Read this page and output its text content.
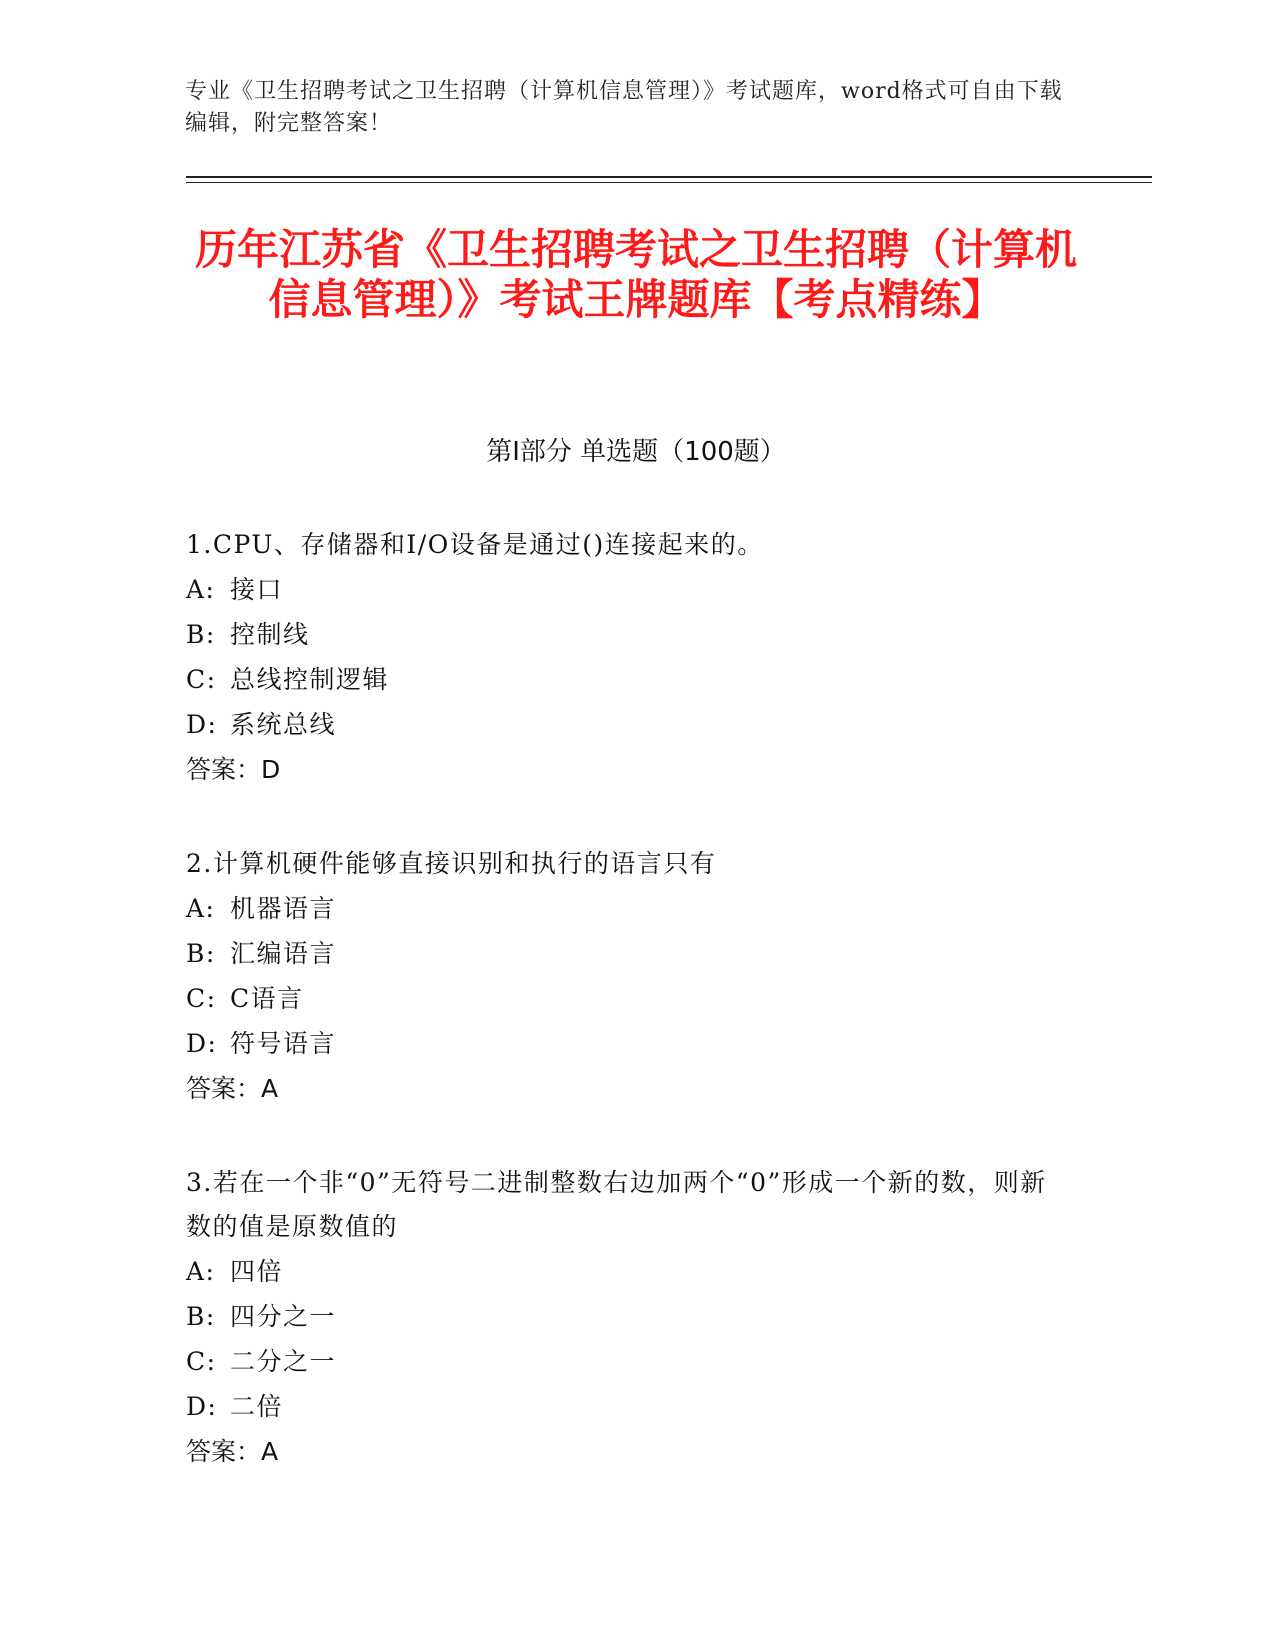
专业《卫生招聘考试之卫生招聘（计算机信息管理）》考试题库，word格式可自由下载编辑，附完整答案！
历年江苏省《卫生招聘考试之卫生招聘（计算机信息管理）》考试王牌题库【考点精练】
第Ⅰ部分 单选题（100题）

1.CPU、存储器和I/O设备是通过()连接起来的。

A: 接口

B: 控制线

C: 总线控制逻辑

D: 系统总线

答案：D

2.计算机硬件能够直接识别和执行的语言只有

A: 机器语言

B: 汇编语言

C: C语言

D: 符号语言

答案：A

3.若在一个非“0”无符号二进制整数右边加两个“0”形成一个新的数，则新数的值是原数值的

A: 四倍

B: 四分之一

C: 二分之一

D: 二倍

答案：A
